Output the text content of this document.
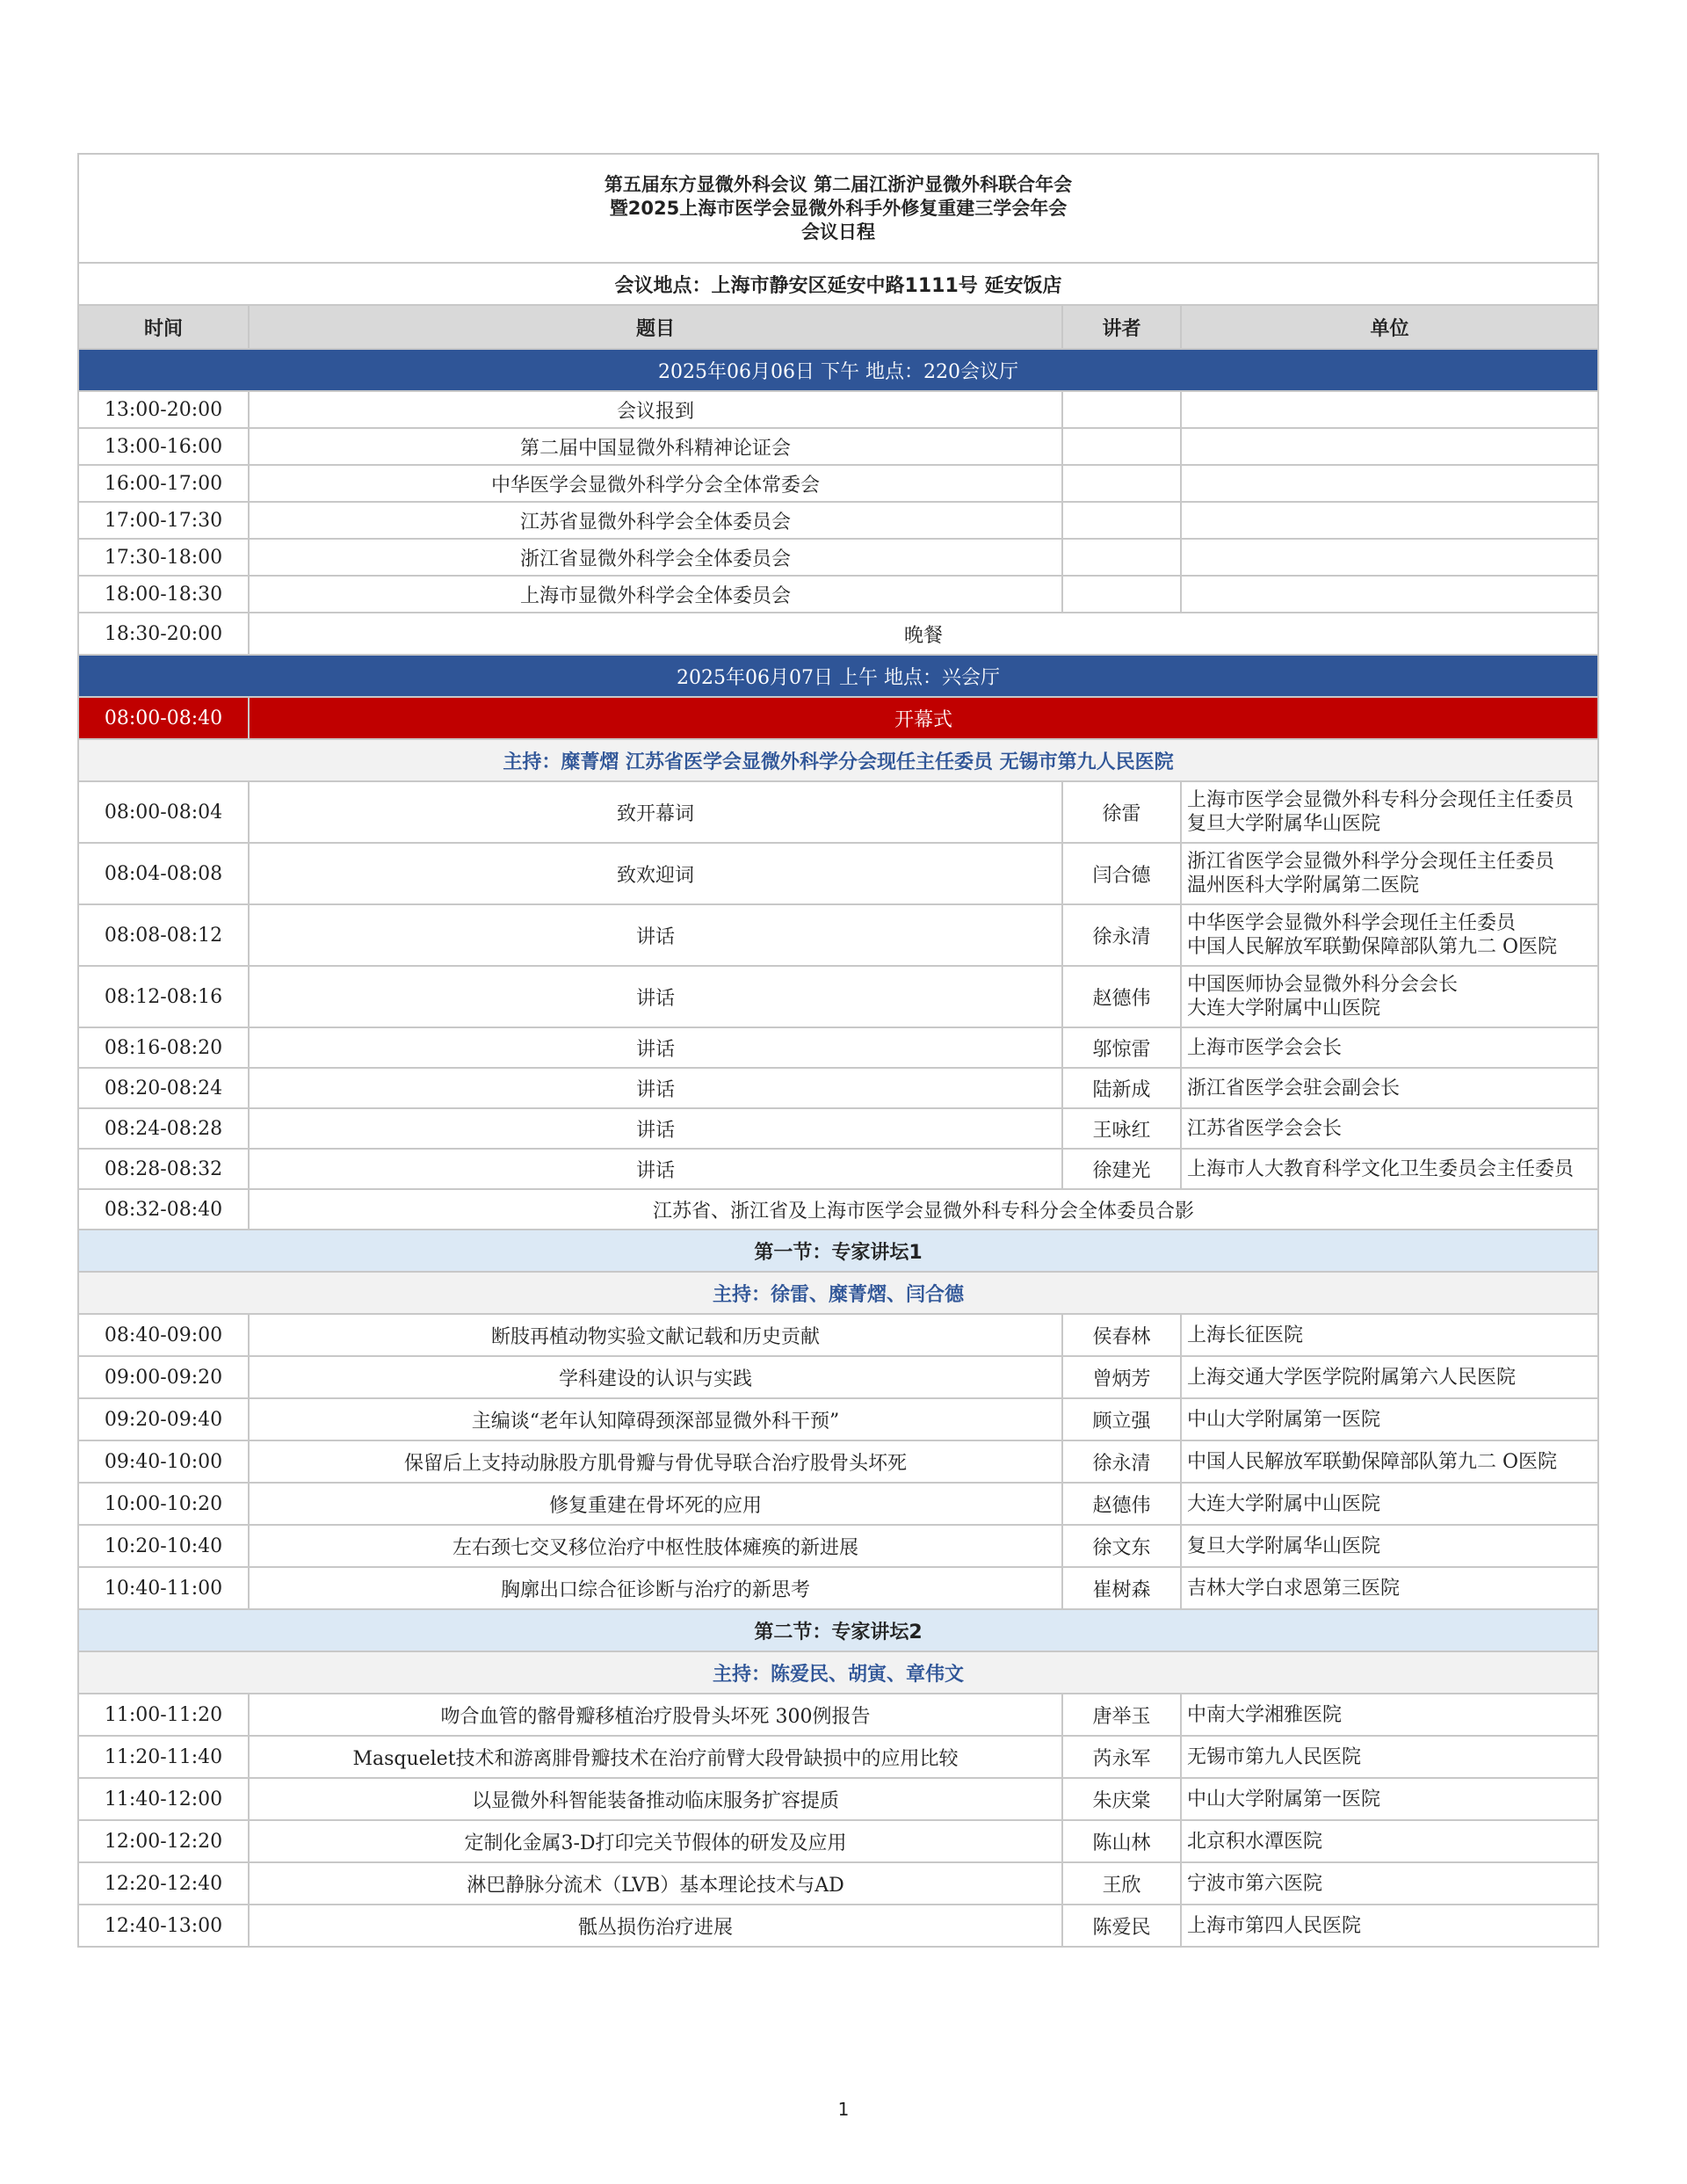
第五届东方显微外科会议 第二届江浙沪显微外科联合年会
暨2025上海市医学会显微外科手外修复重建三学会年会
会议日程			

会议地点：上海市静安区延安中路1111号 延安饭店			
时间	题目	讲者	单位
2025年06月06日 下午 地点：220会议厅			
13:00-20:00	会议报到		
13:00-16:00	第二届中国显微外科精神论证会		
16:00-17:00	中华医学会显微外科学分会全体常委会		
17:00-17:30	江苏省显微外科学会全体委员会		
17:30-18:00	浙江省显微外科学会全体委员会		
18:00-18:30	上海市显微外科学会全体委员会		
18:30-20:00	晚餐		
2025年06月07日 上午 地点：兴会厅			
08:00-08:40	开幕式		
主持：糜菁熠 江苏省医学会显微外科学分会现任主任委员 无锡市第九人民医院			
08:00-08:04	致开幕词	徐雷	上海市医学会显微外科专科分会现任主任委员
复旦大学附属华山医院

08:04-08:08	致欢迎词	闫合德	浙江省医学会显微外科学分会现任主任委员
温州医科大学附属第二医院

08:08-08:12	讲话	徐永清	中华医学会显微外科学会现任主任委员
中国人民解放军联勤保障部队第九二 O医院

08:12-08:16	讲话	赵德伟	中国医师协会显微外科分会会长
大连大学附属中山医院

08:16-08:20	讲话	邬惊雷	上海市医学会会长

08:20-08:24	讲话	陆新成	浙江省医学会驻会副会长

08:24-08:28	讲话	王咏红	江苏省医学会会长

08:28-08:32	讲话	徐建光	上海市人大教育科学文化卫生委员会主任委员

08:32-08:40	江苏省、浙江省及上海市医学会显微外科专科分会全体委员合影		
第一节：专家讲坛1			
主持：徐雷、糜菁熠、闫合德			
08:40-09:00	断肢再植动物实验文献记载和历史贡献	侯春林	上海长征医院

09:00-09:20	学科建设的认识与实践	曾炳芳	上海交通大学医学院附属第六人民医院

09:20-09:40	主编谈“老年认知障碍颈深部显微外科干预”	顾立强	中山大学附属第一医院

09:40-10:00	保留后上支持动脉股方肌骨瓣与骨优导联合治疗股骨头坏死	徐永清	中国人民解放军联勤保障部队第九二 O医院

10:00-10:20	修复重建在骨坏死的应用	赵德伟	大连大学附属中山医院

10:20-10:40	左右颈七交叉移位治疗中枢性肢体瘫痪的新进展	徐文东	复旦大学附属华山医院

10:40-11:00	胸廓出口综合征诊断与治疗的新思考	崔树森	吉林大学白求恩第三医院

第二节：专家讲坛2			
主持：陈爱民、胡寅、章伟文			
11:00-11:20	吻合血管的髂骨瓣移植治疗股骨头坏死 300例报告	唐举玉	中南大学湘雅医院

11:20-11:40	Masquelet技术和游离腓骨瓣技术在治疗前臂大段骨缺损中的应用比较	芮永军	无锡市第九人民医院

11:40-12:00	以显微外科智能装备推动临床服务扩容提质	朱庆棠	中山大学附属第一医院

12:00-12:20	定制化金属3-D打印完关节假体的研发及应用	陈山林	北京积水潭医院

12:20-12:40	淋巴静脉分流术（LVB）基本理论技术与AD	王欣	宁波市第六医院

12:40-13:00	骶丛损伤治疗进展	陈爱民	上海市第四人民医院
1
